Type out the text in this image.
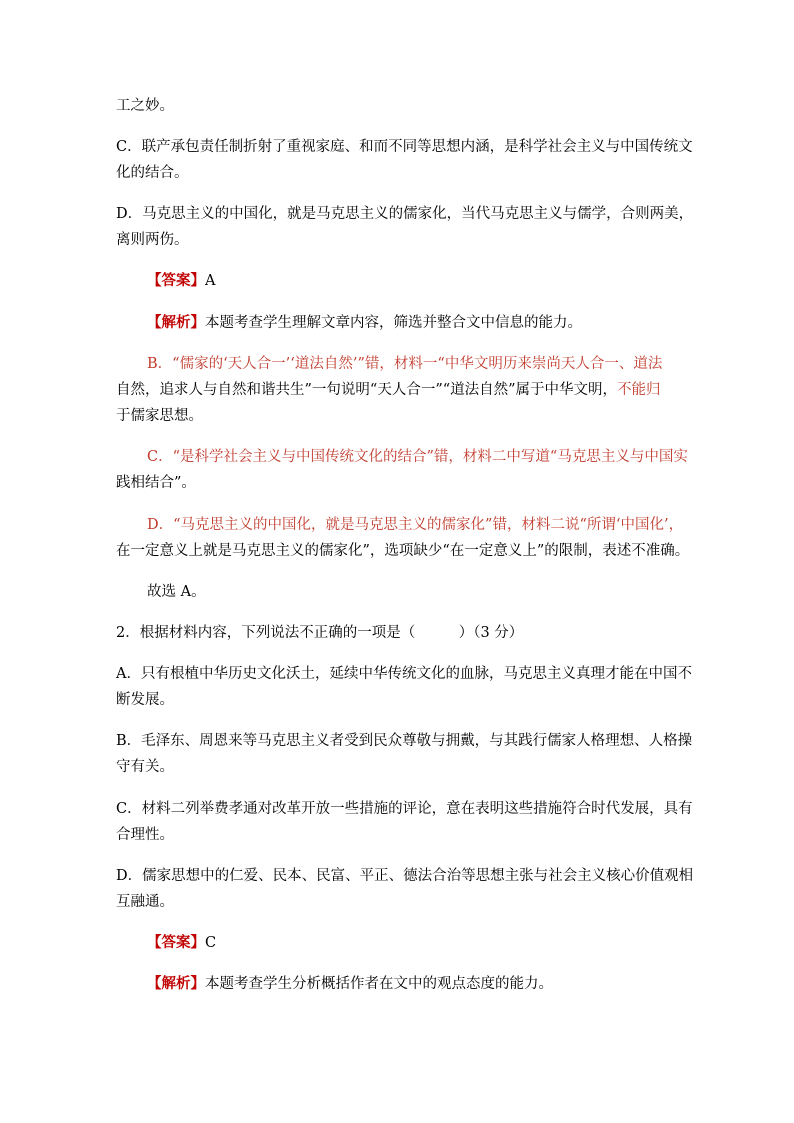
工之妙。
C．联产承包责任制折射了重视家庭、和而不同等思想内涵，是科学社会主义与中国传统文
化的结合。
D．马克思主义的中国化，就是马克思主义的儒家化，当代马克思主义与儒学，合则两美，
离则两伤。
【答案】A
【解析】本题考查学生理解文章内容，筛选并整合文中信息的能力。
B．“儒家的‘天人合一’‘道法自然’”错，材料一“中华文明历来崇尚天人合一、道法
自然，追求人与自然和谐共生”一句说明“天人合一”“道法自然”属于中华文明，不能归
于儒家思想。
C．“是科学社会主义与中国传统文化的结合”错，材料二中写道“马克思主义与中国实
践相结合”。
D．“马克思主义的中国化，就是马克思主义的儒家化”错，材料二说“所谓‘中国化’，
在一定意义上就是马克思主义的儒家化”，选项缺少“在一定意义上”的限制，表述不准确。
故选 A。
2．根据材料内容，下列说法不正确的一项是（　　　）（3 分）
A．只有根植中华历史文化沃土，延续中华传统文化的血脉，马克思主义真理才能在中国不
断发展。
B．毛泽东、周恩来等马克思主义者受到民众尊敬与拥戴，与其践行儒家人格理想、人格操
守有关。
C．材料二列举费孝通对改革开放一些措施的评论，意在表明这些措施符合时代发展，具有
合理性。
D．儒家思想中的仁爱、民本、民富、平正、德法合治等思想主张与社会主义核心价值观相
互融通。
【答案】C
【解析】本题考查学生分析概括作者在文中的观点态度的能力。
